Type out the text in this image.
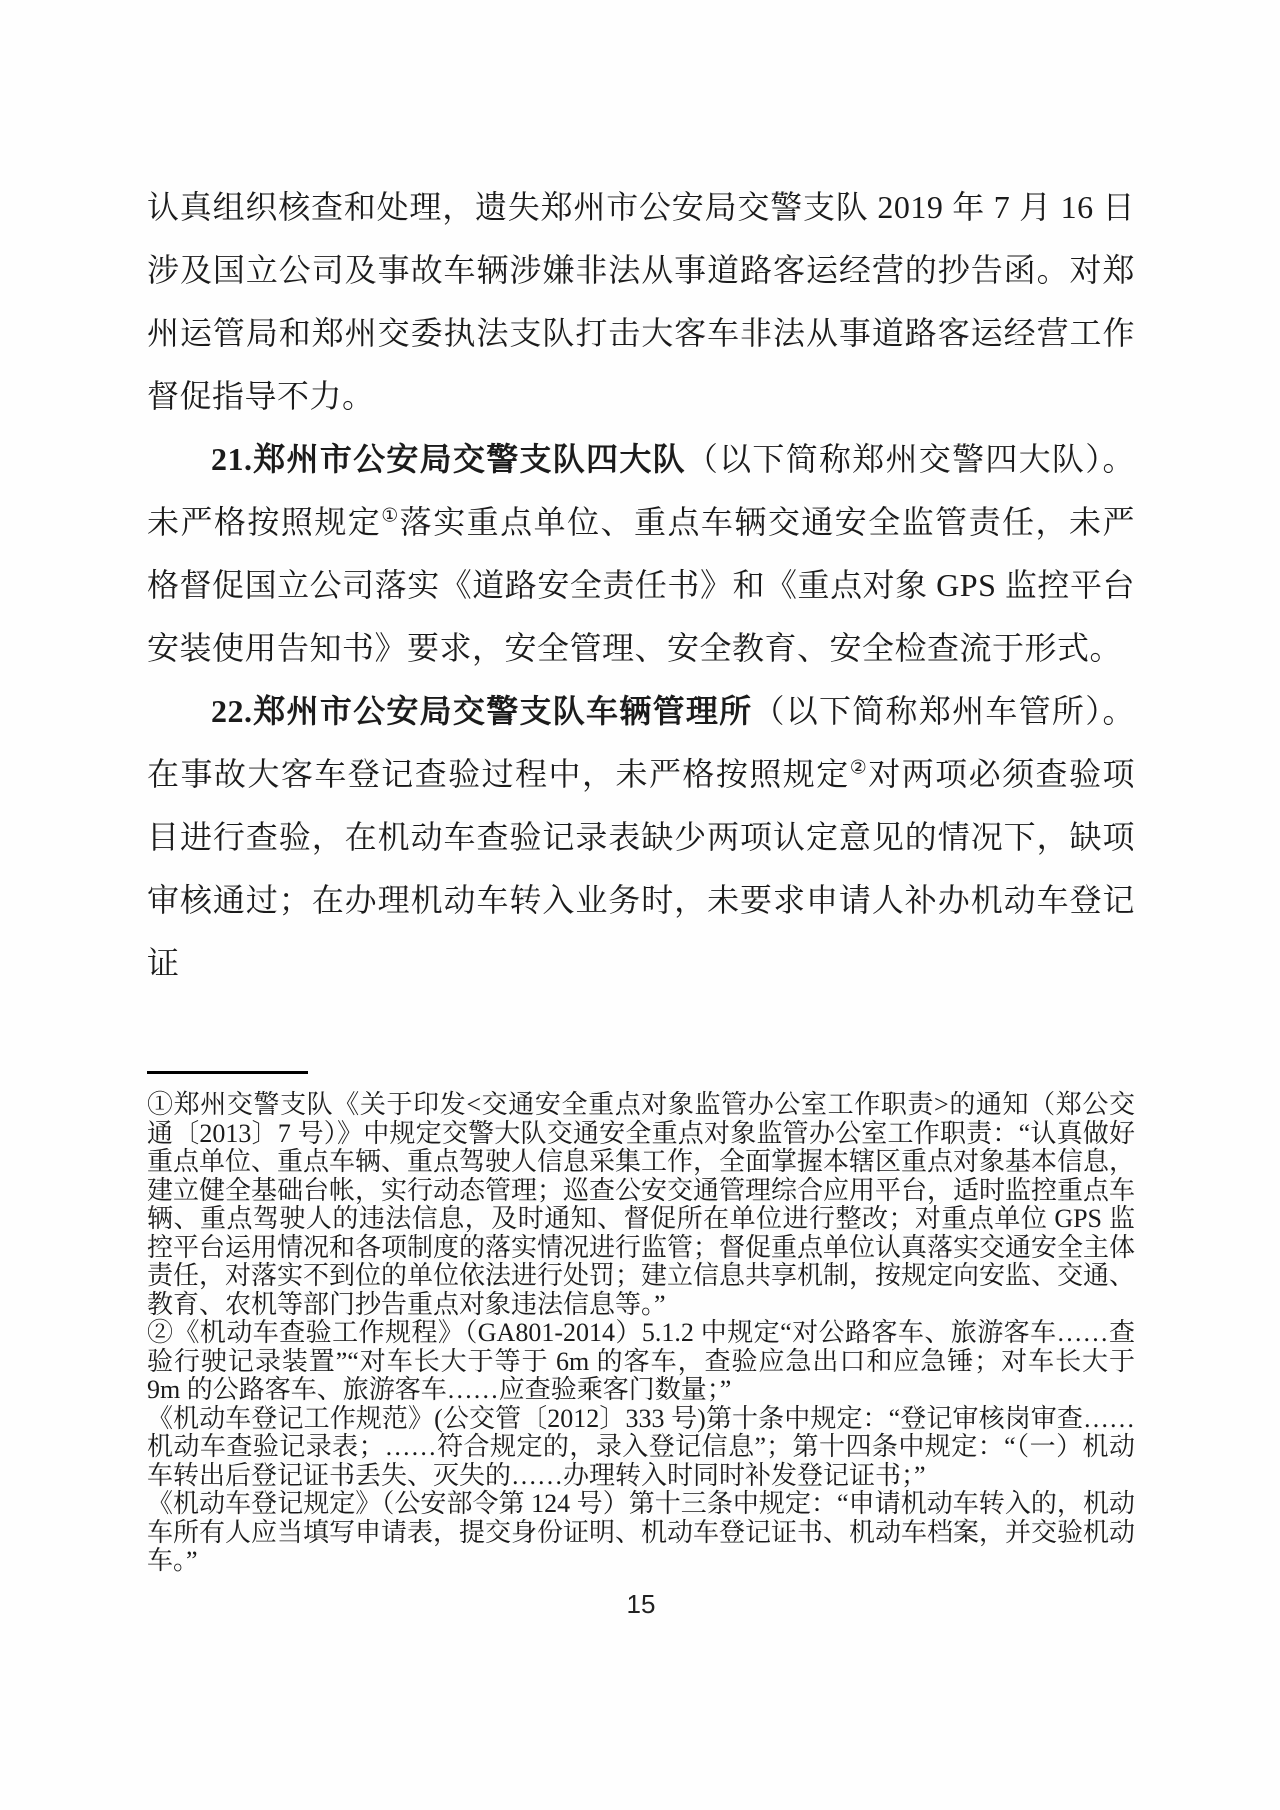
认真组织核查和处理，遗失郑州市公安局交警支队 2019 年 7 月 16 日涉及国立公司及事故车辆涉嫌非法从事道路客运经营的抄告函。对郑州运管局和郑州交委执法支队打击大客车非法从事道路客运经营工作督促指导不力。

21.郑州市公安局交警支队四大队（以下简称郑州交警四大队）。未严格按照规定①落实重点单位、重点车辆交通安全监管责任，未严格督促国立公司落实《道路安全责任书》和《重点对象 GPS 监控平台安装使用告知书》要求，安全管理、安全教育、安全检查流于形式。

22.郑州市公安局交警支队车辆管理所（以下简称郑州车管所）。在事故大客车登记查验过程中，未严格按照规定②对两项必须查验项目进行查验，在机动车查验记录表缺少两项认定意见的情况下，缺项审核通过；在办理机动车转入业务时，未要求申请人补办机动车登记证

①郑州交警支队《关于印发<交通安全重点对象监管办公室工作职责>的通知（郑公交通〔2013〕7 号）》中规定交警大队交通安全重点对象监管办公室工作职责：“认真做好重点单位、重点车辆、重点驾驶人信息采集工作，全面掌握本辖区重点对象基本信息，建立健全基础台帐，实行动态管理；巡查公安交通管理综合应用平台，适时监控重点车辆、重点驾驶人的违法信息，及时通知、督促所在单位进行整改；对重点单位 GPS 监控平台运用情况和各项制度的落实情况进行监管；督促重点单位认真落实交通安全主体责任，对落实不到位的单位依法进行处罚；建立信息共享机制，按规定向安监、交通、教育、农机等部门抄告重点对象违法信息等。”

②《机动车查验工作规程》（GA801-2014）5.1.2 中规定“对公路客车、旅游客车……查验行驶记录装置”“对车长大于等于 6m 的客车，查验应急出口和应急锤；对车长大于 9m 的公路客车、旅游客车……应查验乘客门数量；”

《机动车登记工作规范》(公交管〔2012〕333 号)第十条中规定：“登记审核岗审查……机动车查验记录表；……符合规定的，录入登记信息”；第十四条中规定：“（一）机动车转出后登记证书丢失、灭失的……办理转入时同时补发登记证书；”

《机动车登记规定》（公安部令第 124 号）第十三条中规定：“申请机动车转入的，机动车所有人应当填写申请表，提交身份证明、机动车登记证书、机动车档案，并交验机动车。”

15
